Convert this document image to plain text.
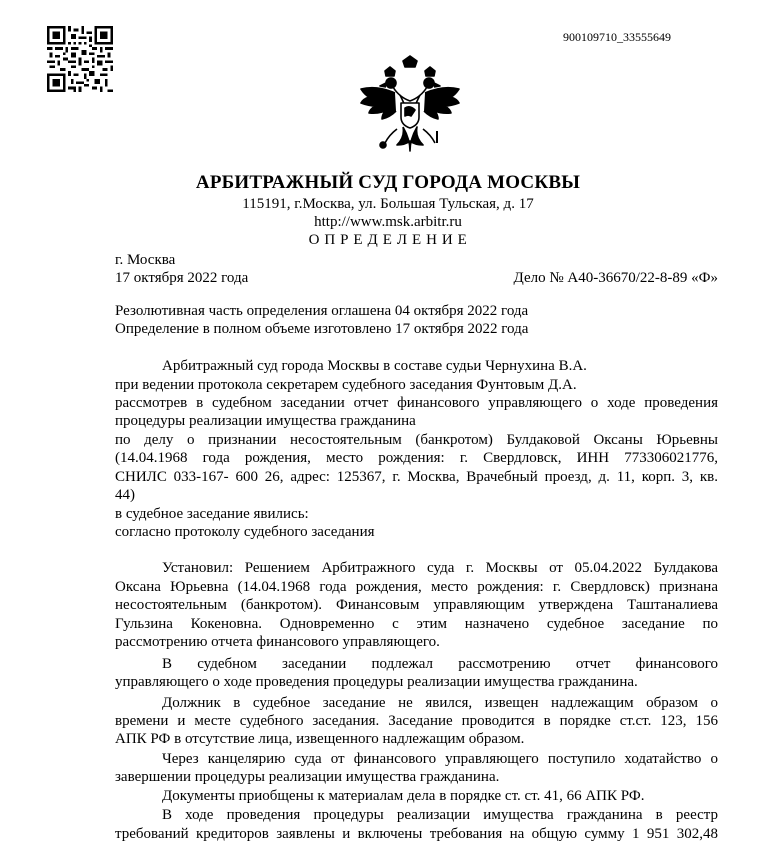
900109710_33555649
АРБИТРАЖНЫЙ СУД ГОРОДА МОСКВЫ
115191, г.Москва, ул. Большая Тульская, д. 17
http://www.msk.arbitr.ru
О П Р Е Д Е Л Е Н И Е
г. Москва
17 октября 2022 года	Дело № А40-36670/22-8-89 «Ф»
Резолютивная часть определения оглашена 04 октября 2022 года
Определение в полном объеме изготовлено 17 октября 2022 года
Арбитражный суд города Москвы в составе судьи Чернухина В.А.
при ведении протокола секретарем судебного заседания Фунтовым Д.А.
рассмотрев в судебном заседании отчет финансового управляющего о ходе проведения
процедуры реализации имущества гражданина
по делу о признании несостоятельным (банкротом) Булдаковой Оксаны Юрьевны
(14.04.1968 года рождения, место рождения: г. Свердловск, ИНН 773306021776,
СНИЛС 033-167- 600 26, адрес: 125367, г. Москва, Врачебный проезд, д. 11, корп. 3, кв.
44)
в судебное заседание явились:
согласно протоколу судебного заседания
Установил: Решением Арбитражного суда г. Москвы от 05.04.2022 Булдакова
Оксана Юрьевна (14.04.1968 года рождения, место рождения: г. Свердловск) признана
несостоятельным (банкротом). Финансовым управляющим утверждена Таштаналиева
Гульзина Кокеновна. Одновременно с этим назначено судебное заседание по
рассмотрению отчета финансового управляющего.
В судебном заседании подлежал рассмотрению отчет финансового
управляющего о ходе проведения процедуры реализации имущества гражданина.
Должник в судебное заседание не явился, извещен надлежащим образом о
времени и месте судебного заседания. Заседание проводится в порядке ст.ст. 123, 156
АПК РФ в отсутствие лица, извещенного надлежащим образом.
Через канцелярию суда от финансового управляющего поступило ходатайство о
завершении процедуры реализации имущества гражданина.
Документы приобщены к материалам дела в порядке ст. ст. 41, 66 АПК РФ.
В ходе проведения процедуры реализации имущества гражданина в реестр
требований кредиторов заявлены и включены требования на общую сумму 1 951 302,48
